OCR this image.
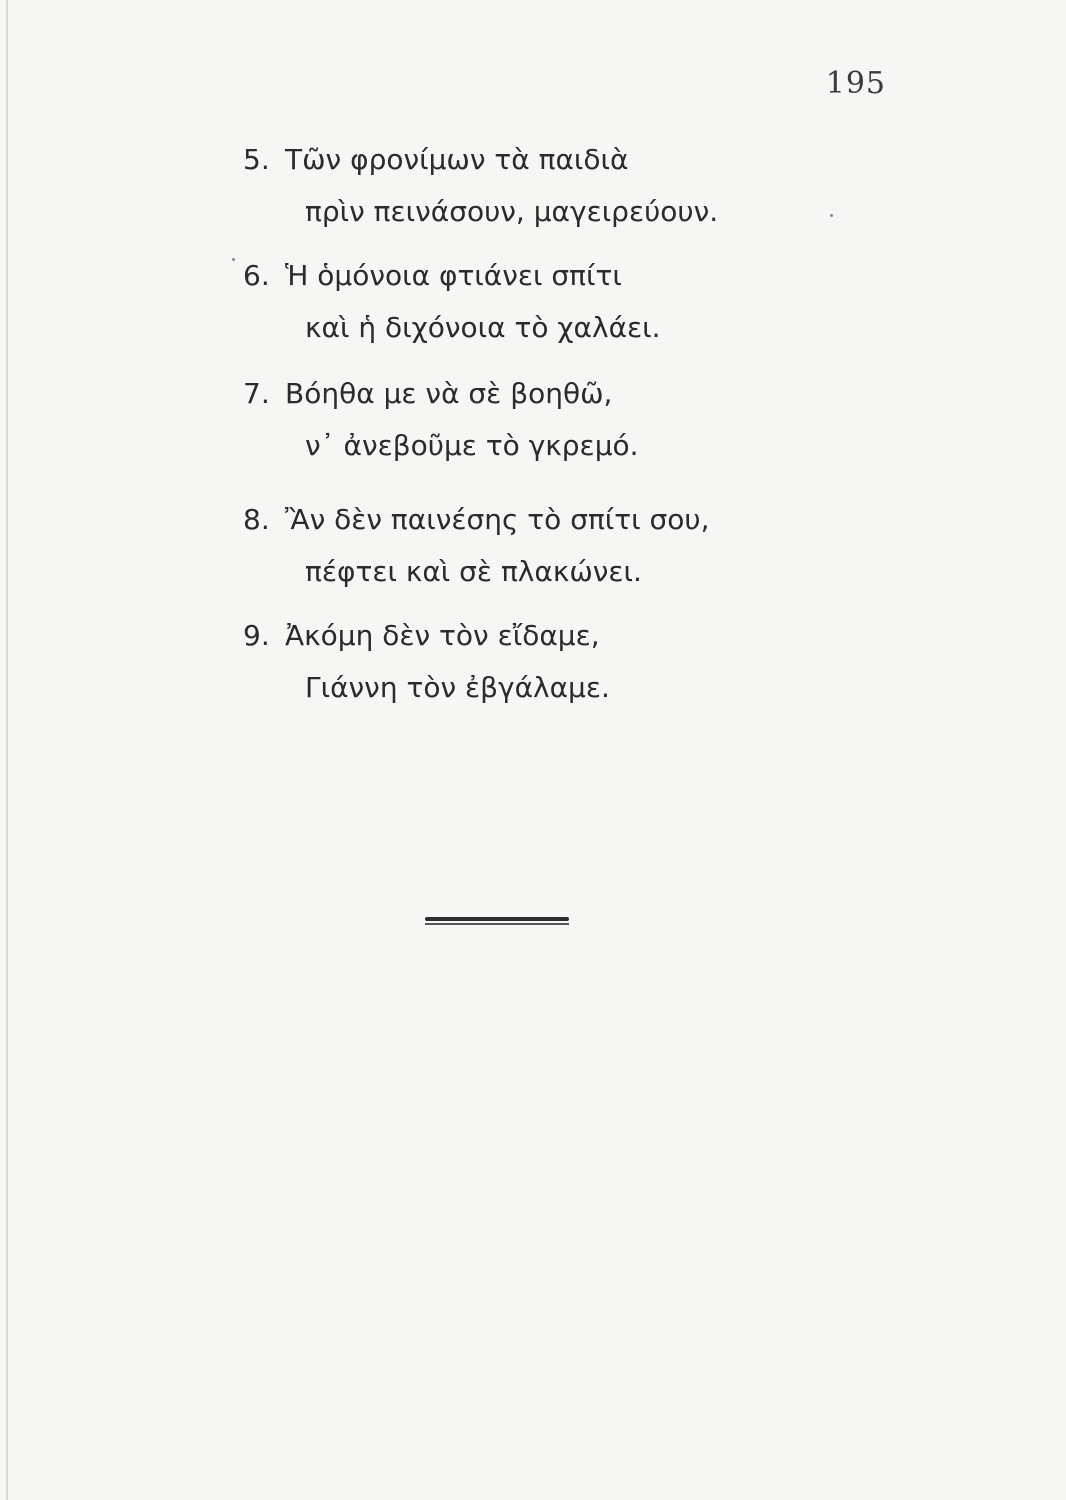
195
5. Τῶν φρονίμων τὰ παιδιὰ
πρὶν πεινάσουν, μαγειρεύουν.
6. Ἡ ὁμόνοια φτιάνει σπίτι
καὶ ἡ διχόνοια τὸ χαλάει.
7. Βόηθα με νὰ σὲ βοηθῶ,
ν᾽ ἀνεβοῦμε τὸ γκρεμό.
8. Ἂν δὲν παινέσης τὸ σπίτι σου,
πέφτει καὶ σὲ πλακώνει.
9. Ἀκόμη δὲν τὸν εἴδαμε,
Γιάννη τὸν ἐβγάλαμε.
